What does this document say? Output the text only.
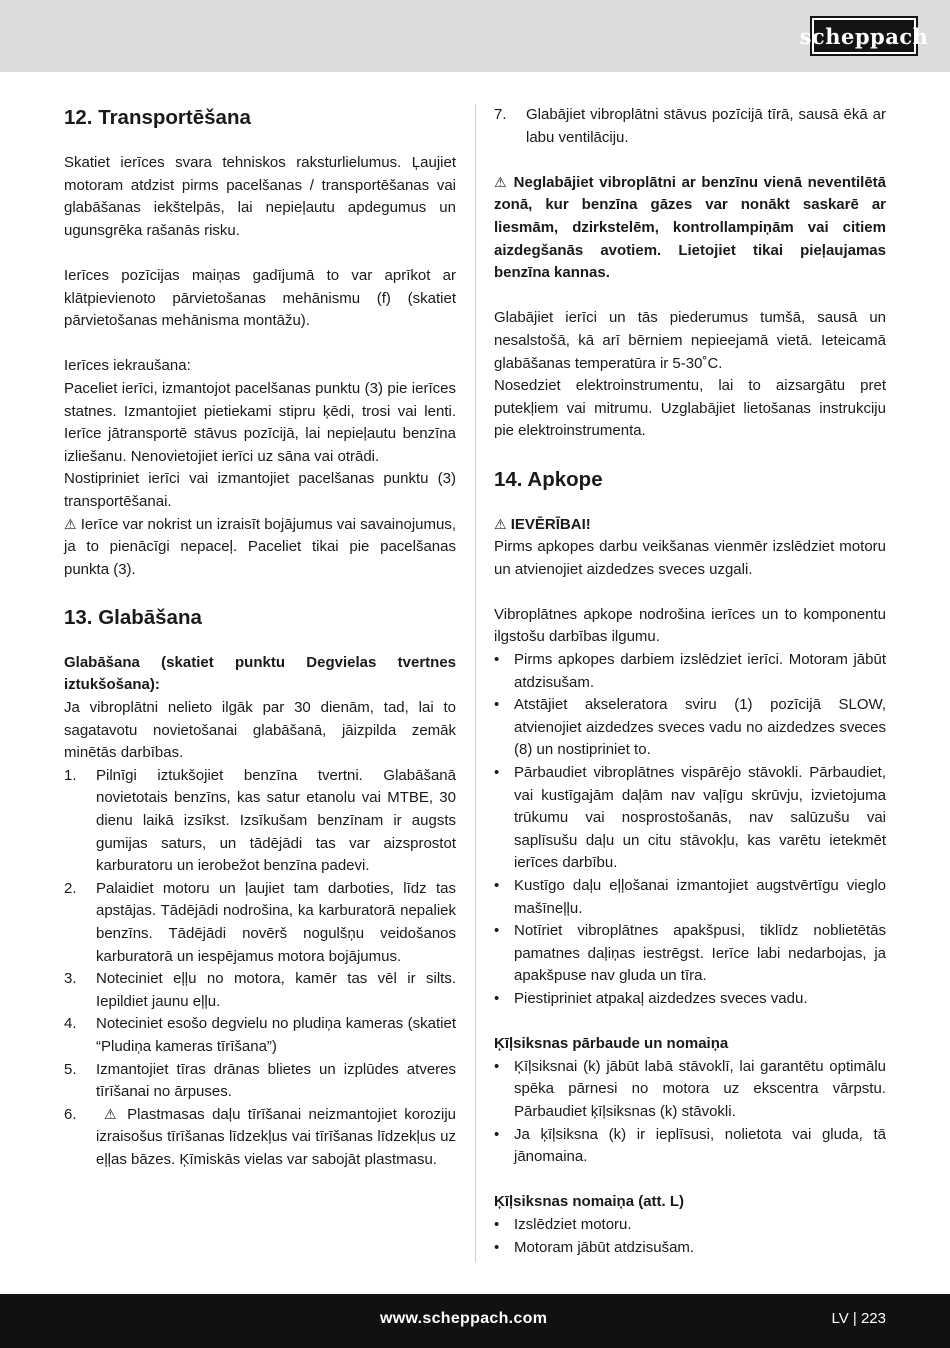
scheppach
12. Transportēšana

Skatiet ierīces svara tehniskos raksturlielumus. Ļaujiet motoram atdzist pirms pacelšanas / transportēšanas vai glabāšanas iekštelpās, lai nepieļautu apdegumus un ugunsgrēka rašanās risku.

Ierīces pozīcijas maiņas gadījumā to var aprīkot ar klātpievienoto pārvietošanas mehānismu (f) (skatiet pārvietošanas mehānisma montāžu).

Ierīces iekraušana:

Paceliet ierīci, izmantojot pacelšanas punktu (3) pie ierīces statnes. Izmantojiet pietiekami stipru ķēdi, trosi vai lenti. Ierīce jātransportē stāvus pozīcijā, lai nepieļautu benzīna izliešanu. Nenovietojiet ierīci uz sāna vai otrādi.

Nostipriniet ierīci vai izmantojiet pacelšanas punktu (3) transportēšanai.

⚠ Ierīce var nokrist un izraisīt bojājumus vai savainojumus, ja to pienācīgi nepaceļ. Paceliet tikai pie pacelšanas punkta (3).

13. Glabāšana

Glabāšana (skatiet punktu Degvielas tvertnes iztukšošana):

Ja vibroplātni nelieto ilgāk par 30 dienām, tad, lai to sagatavotu novietošanai glabāšanā, jāizpilda zemāk minētās darbības.

1. Pilnīgi iztukšojiet benzīna tvertni. Glabāšanā novietotais benzīns, kas satur etanolu vai MTBE, 30 dienu laikā izsīkst. Izsīkušam benzīnam ir augsts gumijas saturs, un tādējādi tas var aizsprostot karburatoru un ierobežot benzīna padevi.
2. Palaidiet motoru un ļaujiet tam darboties, līdz tas apstājas. Tādējādi nodrošina, ka karburatorā nepaliek benzīns. Tādējādi novērš nogulšņu veidošanos karburatorā un iespējamus motora bojājumus.
3. Noteciniet eļļu no motora, kamēr tas vēl ir silts. Iepildiet jaunu eļļu.
4. Noteciniet esošo degvielu no pludiņa kameras (skatiet “Pludiņa kameras tīrīšana”)
5. Izmantojiet tīras drānas blietes un izplūdes atveres tīrīšanai no ārpuses.
6. ⚠ Plastmasas daļu tīrīšanai neizmantojiet koroziju izraisošus tīrīšanas līdzekļus vai tīrīšanas līdzekļus uz eļļas bāzes. Ķīmiskās vielas var sabojāt plastmasu.
7. Glabājiet vibroplātni stāvus pozīcijā tīrā, sausā ēkā ar labu ventilāciju.

⚠ Neglabājiet vibroplātni ar benzīnu vienā neventilētā zonā, kur benzīna gāzes var nonākt saskarē ar liesmām, dzirkstelēm, kontrollampiņām vai citiem aizdegšanās avotiem. Lietojiet tikai pieļaujamas benzīna kannas.

Glabājiet ierīci un tās piederumus tumšā, sausā un nesalstošā, kā arī bērniem nepieejamā vietā. Ieteicamā glabāšanas temperatūra ir 5-30˚C.

Nosedziet elektroinstrumentu, lai to aizsargātu pret putekļiem vai mitrumu. Uzglabājiet lietošanas instrukciju pie elektroinstrumenta.

14. Apkope

⚠ IEVĒRĪBAI!

Pirms apkopes darbu veikšanas vienmēr izslēdziet motoru un atvienojiet aizdedzes sveces uzgali.

Vibroplātnes apkope nodrošina ierīces un to komponentu ilgstošu darbības ilgumu.

• Pirms apkopes darbiem izslēdziet ierīci. Motoram jābūt atdzisušam.
• Atstājiet akseleratora sviru (1) pozīcijā SLOW, atvienojiet aizdedzes sveces vadu no aizdedzes sveces (8) un nostipriniet to.
• Pārbaudiet vibroplātnes vispārējo stāvokli. Pārbaudiet, vai kustīgajām daļām nav vaļīgu skrūvju, izvietojuma trūkumu vai nosprostošanās, nav salūzušu vai saplīsušu daļu un citu stāvokļu, kas varētu ietekmēt ierīces darbību.
• Kustīgo daļu eļļošanai izmantojiet augstvērtīgu vieglo mašīneļļu.
• Notīriet vibroplātnes apakšpusi, tiklīdz noblietētās pamatnes daļiņas iestrēgst. Ierīce labi nedarbojas, ja apakšpuse nav gluda un tīra.
• Piestipriniet atpakaļ aizdedzes sveces vadu.

Ķīļsiksnas pārbaude un nomaiņa

• Ķīļsiksnai (k) jābūt labā stāvoklī, lai garantētu optimālu spēka pārnesi no motora uz ekscentra vārpstu. Pārbaudiet ķīļsiksnas (k) stāvokli.
• Ja ķīļsiksna (k) ir ieplīsusi, nolietota vai gluda, tā jānomaina.

Ķīļsiksnas nomaiņa (att. L)

• Izslēdziet motoru.
• Motoram jābūt atdzisušam.
www.scheppach.com	LV | 223
